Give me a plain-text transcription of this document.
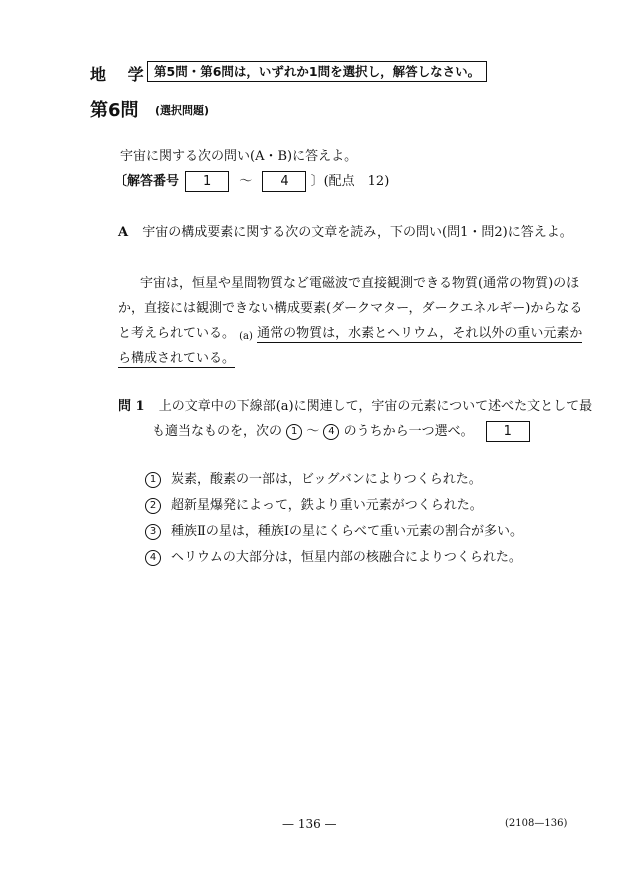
地 学 第5問・第6問は，いずれか1問を選択し，解答しなさい。
第6問 (選択問題)
宇宙に関する次の問い(A・B)に答えよ。
〔解答番号 1 ～ 4 〕(配点　12)
A 宇宙の構成要素に関する次の文章を読み，下の問い(問1・問2)に答えよ。
宇宙は，恒星や星間物質など電磁波で直接観測できる物質(通常の物質)のほ
か，直接には観測できない構成要素(ダークマター，ダークエネルギー)からなる
と考えられている。 (a) 通常の物質は，水素とヘリウム，それ以外の重い元素か
ら構成されている。
問 1 上の文章中の下線部(a)に関連して，宇宙の元素について述べた文として最
も適当なものを，次の 1 ～ 4 のうちから一つ選べ。 1
1 炭素，酸素の一部は，ビッグバンによりつくられた。
2 超新星爆発によって，鉄より重い元素がつくられた。
3 種族Ⅱの星は，種族Ⅰの星にくらべて重い元素の割合が多い。
4 ヘリウムの大部分は，恒星内部の核融合によりつくられた。
— 136 —	(2108—136)
